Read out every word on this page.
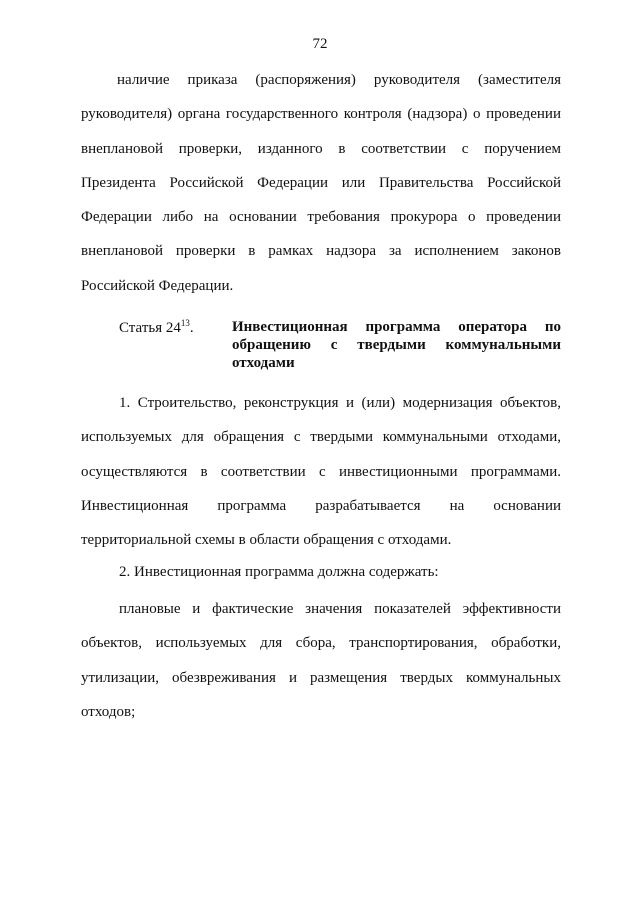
72
наличие приказа (распоряжения) руководителя (заместителя руководителя) органа государственного контроля (надзора) о проведении внеплановой проверки, изданного в соответствии с поручением Президента Российской Федерации или Правительства Российской Федерации либо на основании требования прокурора о проведении внеплановой проверки в рамках надзора за исполнением законов Российской Федерации.
Статья $24^{13}$.	Инвестиционная программа оператора по обращению с твердыми коммунальными отходами
1. Строительство, реконструкция и (или) модернизация объектов, используемых для обращения с твердыми коммунальными отходами, осуществляются в соответствии с инвестиционными программами. Инвестиционная программа разрабатывается на основании территориальной схемы в области обращения с отходами.
2. Инвестиционная программа должна содержать:
плановые и фактические значения показателей эффективности объектов, используемых для сбора, транспортирования, обработки, утилизации, обезвреживания и размещения твердых коммунальных отходов;
